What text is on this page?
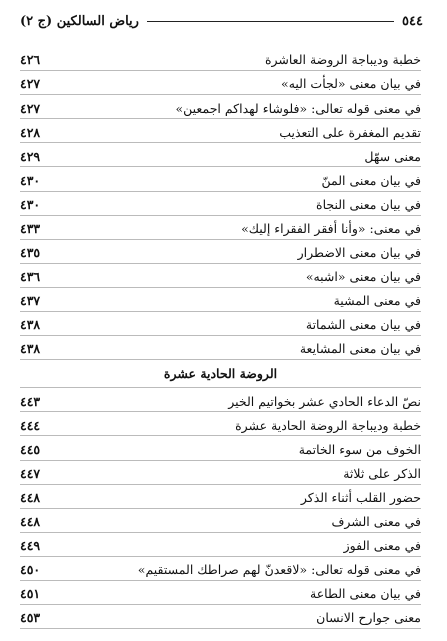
٥٤٤
رياض السالكين (ج ٢)
خطبة وديباجة الروضة العاشرة
٤٢٦
في بيان معنى «لجأت اليه»
٤٢٧
في معنى قوله تعالى: «فلوشاء لهداكم اجمعين»
٤٢٧
تقديم المغفرة على التعذيب
٤٢٨
معنى سهّل
٤٢٩
في بيان معنى المنّ
٤٣٠
في بيان معنى النجاة
٤٣٠
في معنى: «وأنا أفقر الفقراء إليك»
٤٣٣
في بيان معنى الاضطرار
٤٣٥
في بيان معنى «اشبه»
٤٣٦
في معنى المشية
٤٣٧
في بيان معنى الشماتة
٤٣٨
في بيان معنى المشايعة
٤٣٨
الروضة الحادية عشرة
نصّ الدعاء الحادي عشر بخواتيم الخير
٤٤٣
خطبة وديباجة الروضة الحادية عشرة
٤٤٤
الخوف من سوء الخاتمة
٤٤٥
الذكر على ثلاثة
٤٤٧
حضور القلب أثناء الذكر
٤٤٨
في معنى الشرف
٤٤٨
في معنى الفوز
٤٤٩
في معنى قوله تعالى: «لاقعدنّ لهم صراطك المستقيم»
٤٥٠
في بيان معنى الطاعة
٤٥١
معنى جوارح الانسان
٤٥٣
